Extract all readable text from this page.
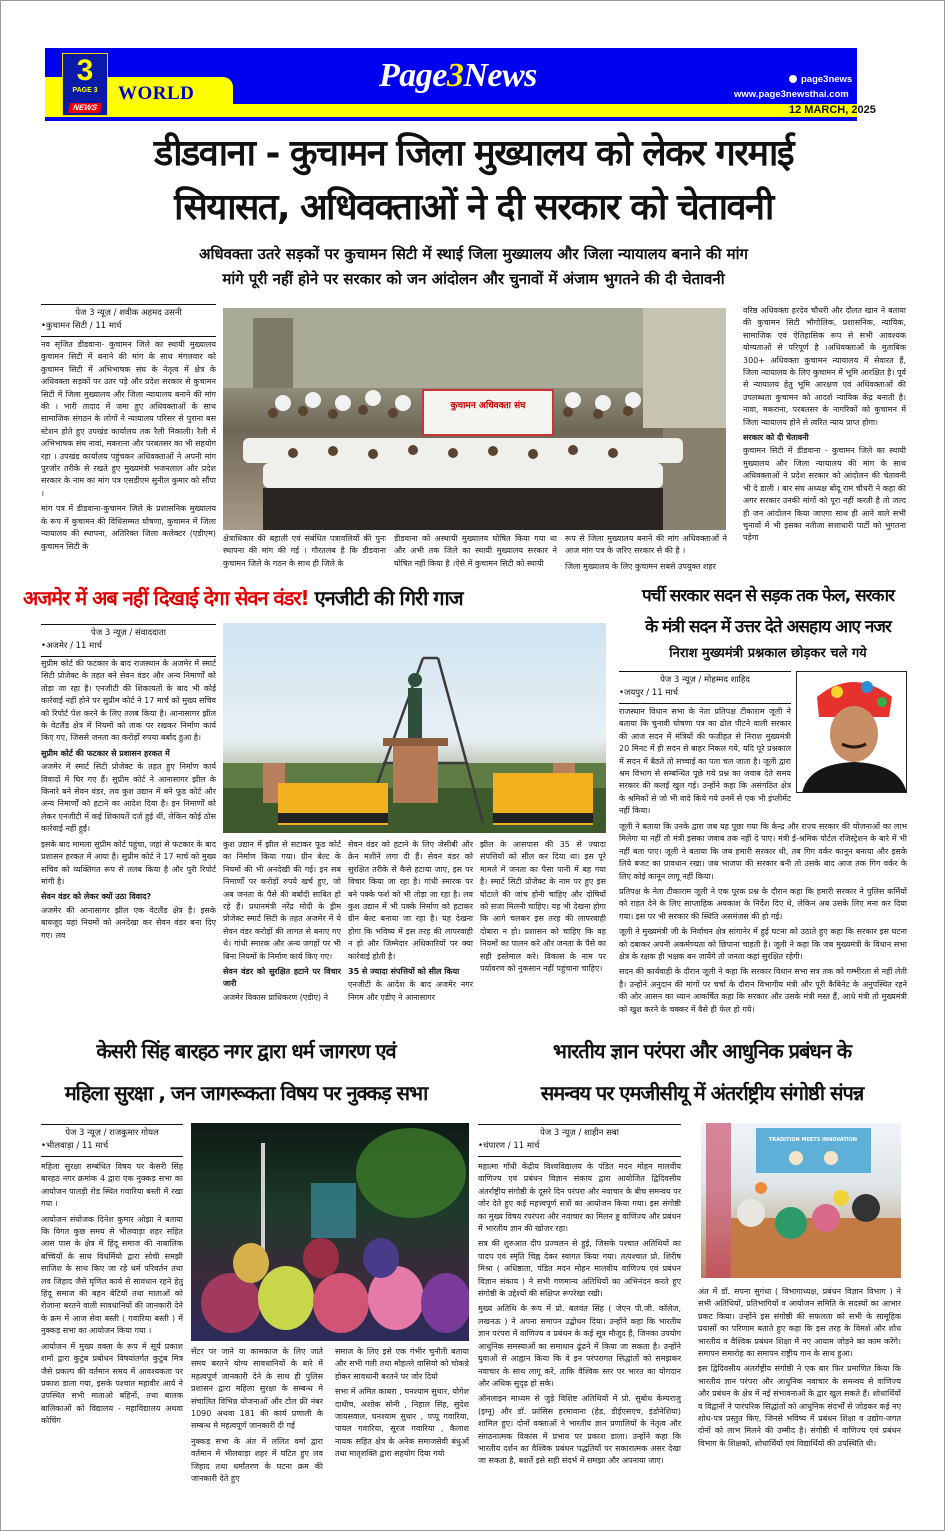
3
PAGE 3
NEWS
WORLD	Page3News	page3news
www.page3newsthai.com 7
12 MARCH, 2025
डीडवाना - कुचामन जिला मुख्यालय को लेकर गरमाई
सियासत, अधिवक्ताओं ने दी सरकार को चेतावनी
अधिवक्ता उतरे सड़कों पर कुचामन सिटी में स्थाई जिला मुख्यालय और जिला न्यायालय बनाने की मांग
मांगे पूरी नहीं होने पर सरकार को जन आंदोलन और चुनावों में अंजाम भुगतने की दी चेतावनी
पेज 3 न्यूज़ / शवीक अहमद उसनी
• कुचामन सिटी / 11 मार्च

नव सृजित डीडवाना- कुचामन जिले का स्थायी मुख्यालय कुचामन सिटी में बनाने की मांग के साथ मंगलवार को कुचामन सिटी में अभिभाषक संघ के नेतृत्व में क्षेत्र के अधिवक्ता सड़कों पर उतर पड़े और प्रदेश सरकार से कुचामन सिटी में जिला मुख्यालय और जिला न्यायालय बनाने की मांग की । भारी तादाद में जमा हुए अधिवक्ताओं के साथ सामाजिक संगठन के लोगों ने न्यायालय परिसर से पुराना बस स्टेशन होते हुए उपखंड कार्यालय तक रैली निकाली। रैली में अभिभाषक संघ नावां, मकराना और परबतसर का भी सहयोग रहा । उपखंड कार्यालय पहुंचकर अधिवक्ताओं ने अपनी मांग पुरजोर तरीके से रखते हुए मुख्यमंत्री भजनलाल और प्रदेश सरकार के नाम का मांग पत्र एसडीएम सुनील कुमार को सौंपा ।

मांग पत्र में डीडवाना-कुचामन जिले के प्रशासनिक मुख्यालय के रूप में कुचामन की विधिसम्मत घोषणा, कुचामन में जिला न्यायालय की स्थापना, अतिरिक्त जिला कलेक्टर (एडीएम) कुचामन सिटी के

कुचामन अधिवक्ता संघ

क्षेत्राधिकार की बहाली एवं संबंधित पत्रावलियों की पुनः स्थापना की मांग की गई । गौरतलब है कि डीडवाना कुचामन जिले के गठन के साथ ही जिले के

डीडवाना को अस्थायी मुख्यालय घोषित किया गया था और अभी तक जिले का स्थायी मुख्यालय सरकार ने घोषित नहीं किया है ।ऐसे में कुचामन सिटी को स्थायी

रूप से जिला मुख्यालय बनाने की मांग अधिवक्ताओं ने आज मांग पत्र के जरिए सरकार से की है ।

जिला मुख्यालय के लिए कुचामन सबसे उपयुक्त शहर

वरिष्ठ अधिवक्ता हरदेव चौधरी और दौलत खान ने बताया की कुचामन सिटी भौगोलिक, प्रशासनिक, न्यायिक, सामाजिक एवं ऐतिहासिक रूप से सभी आवश्यक योग्यताओं से परिपूर्ण है ।अधिवक्ताओं के मुताबिक 300+ अधिवक्ता कुचामन न्यायालय में सेवारत हैं, जिला न्यायालय के लिए कुचामन में भूमि आरक्षित है। पूर्व से न्यायालय हेतु भूमि आरक्षण एवं अधिवक्ताओं की उपलब्धता कुचामन को आदर्श न्यायिक केंद्र बनाती है। नावा, मकराना, परबतसर के नागरिकों को कुचामन में जिला न्यायालय होने से त्वरित न्याय प्राप्त होगा।

सरकार को दी चेतावनी

कुचामन सिटी में डीडवाना - कुचामन जिले का स्थायी मुख्यालय और जिला न्यायालय की मांग के साथ अधिवक्ताओं ने प्रदेश सरकार को आंदोलन की चेतावनी भी दे डाली । बार संघ अध्यक्ष बोदू राम चौधरी ने कहा की अगर सरकार उनकी मांगों को पूरा नहीं करती है तो जल्द ही जन आंदोलन किया जाएगा साथ ही आने वाले सभी चुनावों में भी इसका नतीजा सत्ताधारी पार्टी को भुगतना पड़ेगा

अजमेर में अब नहीं दिखाई देगा सेवन वंडर! एनजीटी की गिरी गाज
पेज 3 न्यूज़ / संवाददाता
• अजमेर / 11 मार्च

सुप्रीम कोर्ट की फटकार के बाद राजस्थान के अजमेर में स्मार्ट सिटी प्रोजेक्ट के तहत बने सेवन वंडर और अन्य निमार्णों को तोड़ा जा रहा है। एनजीटी की शिकायतों के बाद भी कोई कार्रवाई नहीं होने पर सुप्रीम कोर्ट ने 17 मार्च को मुख्य सचिव को रिपोर्ट पेश करने के लिए तलब किया है। आनासागर झील के वेटलैंड क्षेत्र में नियमों को ताक पर रखकर निर्माण कार्य किए गए, जिससे जनता का करोड़ों रुपया बर्बाद हुआ है।

सुप्रीम कोर्ट की फटकार से प्रशासन हरकत में

अजमेर में स्मार्ट सिटी प्रोजेक्ट के तहत हुए निर्माण कार्य विवादों में घिर गए हैं। सुप्रीम कोर्ट ने आनासागर झील के किनारे बने सेवन वंडर, लव कुश उद्यान में बने फूड कोर्ट और अन्य निमार्णों को हटाने का आदेश दिया है। इन निमार्णों को लेकर एनजीटी में कई शिकायतें दर्ज हुई थीं, लेकिन कोई ठोस कार्रवाई नहीं हुई।

इसके बाद मामला सुप्रीम कोर्ट पहुंचा, जहां से फटकार के बाद प्रशासन हरकत में आया है। सुप्रीम कोर्ट ने 17 मार्च को मुख्य सचिव को व्यक्तिगत रूप से तलब किया है और पूरी रिपोर्ट मांगी है।

सेवन वंडर को लेकर क्यों उठा विवाद?

अजमेर की आनासागर झील एक वेटलैंड क्षेत्र है। इसके बावजूद यहां नियमों को अनदेखा कर सेवन वंडर बना दिए गए। लव

कुश उद्यान में झील से सटाकर फूड कोर्ट का निर्माण किया गया। ग्रीन बेल्ट के नियमों की भी अनदेखी की गई। इन सब निमार्णों पर करोड़ों रुपये खर्च हुए, जो अब जनता के पैसे की बर्बादी साबित हो रहे हैं। प्रधानमंत्री नरेंद्र मोदी के ड्रीम प्रोजेक्ट स्मार्ट सिटी के तहत अजमेर में ये सेवन वंडर करोड़ों की लागत से बनाए गए थे। गांधी स्मारक और अन्य जगहों पर भी बिना नियमों के निर्माण कार्य किए गए।

सेवन वंडर को सुरक्षित हटाने पर विचार जारी

अजमेर विकास प्राधिकरण (एडीए) ने

सेवन वंडर को हटाने के लिए जेसीबी और क्रेन मशीनें लगा दी हैं। सेवन वंडर को सुरक्षित तरीके से कैसे हटाया जाए, इस पर विचार किया जा रहा है। गांधी स्मारक पर बने पक्के फर्श को भी तोड़ा जा रहा है। लव कुश उद्यान में भी पक्के निर्माण को हटाकर ग्रीन बेल्ट बनाया जा रहा है। यह देखना होगा कि भविष्य में इस तरह की लापरवाही न हो और जिम्मेदार अधिकारियों पर क्या कार्रवाई होती है।

35 से ज्यादा संपत्तियों को सील किया

एनजीटी के आदेश के बाद अजमेर नगर निगम और एडीए ने आनासागर

झील के आसपास की 35 से ज्यादा संपत्तियों को सील कर दिया था। इस पूरे मामले में जनता का पैसा पानी में बह गया है। स्मार्ट सिटी प्रोजेक्ट के नाम पर हुए इस घोटाले की जांच होनी चाहिए और दोषियों को सजा मिलनी चाहिए। यह भी देखना होगा कि आगे चलकर इस तरह की लापरवाही दोबारा न हो। प्रशासन को चाहिए कि वह नियमों का पालन करे और जनता के पैसे का सही इस्तेमाल करे। विकास के नाम पर पर्यावरण को नुकसान नहीं पहुंचाना चाहिए।

पर्ची सरकार सदन से सड़क तक फेल, सरकार
के मंत्री सदन में उत्तर देते असहाय आए नजर
निराश मुख्यमंत्री प्रश्नकाल छोड़कर चले गये
पेज 3 न्यूज़ / मोहम्मद शाहिद
• जयपुर / 11 मार्च

राजस्थान विधान सभा के नेता प्रतिपक्ष टीकाराम जूली ने बताया कि चुनावी घोषणा पत्र का ढोल पीटने वाली सरकार की आज सदन में मंत्रियों की फजीहत से निराश मुख्यमंत्री 20 मिनट में ही सदन से बाहर निकल गये, यदि पूरे प्रश्नकाल में सदन में बैठते तो सच्चाई का पता चल जाता है। जूली द्वारा श्रम विभाग से सम्बन्धित पूछे गये प्रश्न का जवाब देते समय सरकार की कलई खुल गई। उन्होंने कहा कि असंगठित क्षेत्र के श्रमिकों से जो भी वादे किये गये उनमें से एक भी इंप्लीमेंट नहीं किया।

जूली ने बताया कि उनके द्वारा जब यह पूछा गया कि केन्द्र और राज्य सरकार की योजनाओं का लाभ मिलेगा या नहीं तो मंत्री इसका जवाब तक नहीं दे पाए। मंत्री ई-श्रमिक पोर्टल रजिस्ट्रेशन के बारे में भी नहीं बता पाए। जूली ने बताया कि जब हमारी सरकार थी, तब गिग वर्कर कानून बनाया और इसके लिये बजट का प्रावधान रखा। जब भाजपा की सरकार बनी तो उसके बाद आज तक गिग वर्कर के लिए कोई कानून लागू नहीं किया।

प्रतिपक्ष के नेता टीकाराम जूली ने एक पूरक प्रश्न के दौरान कहा कि हमारी सरकार ने पुलिस कर्मियों को राहत देने के लिए साप्ताहिक अवकाश के निर्देश दिए थे, लेकिन अब उसके लिए मना कर दिया गया। इस पर भी सरकार की स्थिति असमंजस की हो गई।

जूली ने मुख्यमंत्री जी के निर्वाचन क्षेत्र सांगानेर में हुई घटना को उठाते हुए कहा कि सरकार इस घटना को दबाकर अपनी अकर्मण्यता को छिपाना चाहती है। जूली ने कहा कि जब मुख्यमंत्री के विधान सभा क्षेत्र के रक्षक ही भक्षक बन जायेंगे तो जनता कहां सुरक्षित रहेगी।

सदन की कार्यवाही के दौरान जूली ने कहा कि सरकार विधान सभा सत्र तक को गम्भीरता से नहीं लेती है। उन्होंने अनुदान की मांगों पर चर्चा के दौरान विभागीय मंत्री और पूरी कैबिनेट के अनुपस्थित रहने की ओर आसन का ध्यान आकर्षित कहा कि सरकार और उसके मंत्री मस्त हैं, आधे मंत्री तो मुख्यमंत्री को खुश करने के चक्कर में वैसे ही फेल हो गये।

केसरी सिंह बारहठ नगर द्वारा धर्म जागरण एवं
महिला सुरक्षा , जन जागरूकता विषय पर नुक्कड़ सभा
पेज 3 न्यूज़ / राजकुमार गोयल
• भीलवाड़ा / 11 मार्च

महिला सुरक्षा सम्बंधित विषय पर केसरी सिंह बारहठ नगर क्रमांक 4 द्वारा एक नुक्कड़ सभा का आयोजन पालड़ी रोड स्थित गवारिया बस्ती में रखा गया ।

आयोजन संयोजक दिनेश कुमार ओझा ने बताया कि विगत कुछ समय से भीलवाड़ा शहर सहित आस पास के क्षेत्र में हिंदू समाज की नाबालिक बच्चियों के साथ विधर्मियो द्वारा सोची समझी साजिश के साथ किए जा रहे धर्म परिवर्तन तथा लव जिहाद जैसे घृणित कार्य से सावधान रहने हेतु हिंदू समाज की बहन बेटियों तथा माताओं को रोजाना बरतने वाली सावधानियों की जानकारी देने के क्रम में आज सेवा बस्ती ( गवारिया बस्ती ) में नुक्कड़ सभा का आयोजन किया गया ।

आयोजन में मुख्य वक्ता के रूप मे सूर्य प्रकाश शर्मा द्वारा कुटुंब प्रबोधन विषयांतर्गत कुटुंब मित्र जैसे प्रकल्प की वर्तमान समय में आवश्यकता पर प्रकाश डाला गया, इसके पश्चात महावीर आर्य ने उपस्थित सभी माताओ बहिनों, तथा बालक बालिकाओं को विद्यालय - महाविद्यालय अथवा कोचिंग

सेंटर पर जाने या कामकाज के लिए जाते समय बरतने योग्य सावधानियों के बारे में महत्वपूर्ण जानकारी देने के साथ ही पुलिस प्रशासन द्वारा महिला सुरक्षा के सम्बन्ध मे संचालित विभिन्न योजनाओं और टोल फ्री नंबर 1090 अथवा 181 की कार्य प्रणाली के सम्बन्ध मे महत्वपूर्ण जानकारी दी गई

नुक्कड़ सभा के अंत में ललित वर्मा द्वारा वर्तमान में भीलवाड़ा शहर में घटित हुए लव जिहाद तथा धर्मांतरण के घटना क्रम की जानकारी देते हुए

समाज के लिए इसे एक गंभीर चुनौती बताया और सभी गली तथा मोहल्ले वासियो को चोकन्ने होकर सावधानी बरतने पर जोर दियो

सभा में अमित काबरा , घनश्याम सुथार, योगेश दाधीच, अशोक सोनी , निहाल सिंह, सुदेश जायसवाल, घनश्याम सुथार , पप्पू गवारिया, पायल गवारिया, सूरज गवारिया , कैलाश नायक सहित क्षेत्र के अनेक समाजसेवी बंधुओं तथा मातृशक्ति द्वारा सहयोग दिया गयो

भारतीय ज्ञान परंपरा और आधुनिक प्रबंधन के
समन्वय पर एमजीसीयू में अंतर्राष्ट्रीय संगोष्ठी संपन्न
पेज 3 न्यूज़ / शाहीन सबा
• चंपारण / 11 मार्च

महात्मा गाँधी केंद्रीय विश्वविद्यालय के पंडित मदन मोहन मालवीय वाणिज्य एवं प्रबंधन विज्ञान संकाय द्वारा आयोजित द्विदिवसीय अंतर्राष्ट्रीय संगोष्ठी के दूसरे दिन परंपरा और नवाचार के बीच समन्वय पर जोर देते हुए कई महत्त्वपूर्ण सत्रों का आयोजन किया गया। इस संगोष्ठी का मुख्य विषय रपरंपरा और नवाचार का मिलन ड्ड वाणिज्य और प्रबंधन में भारतीय ज्ञान की खोजर रहा।

सत्र की शुरुआत दीप प्रज्वलन से हुई, जिसके पश्चात अतिथियों का पादप एवं स्मृति चिह्न देकर स्वागत किया गया। तत्पश्चात प्रो. शिरीष मिश्रा ( अधिष्ठाता, पंडित मदन मोहन मालवीय वाणिज्य एवं प्रबंधन विज्ञान संकाय ) ने सभी गणमान्य अतिथियों का अभिनंदन करते हुए संगोष्ठी के उद्देश्यों की संक्षिप्त रूपरेखा रखी।

मुख्य अतिथि के रूप में प्रो. बलवंत सिंह ( जेएन पी.जी. कॉलेज, लखनऊ ) ने अपना समापन उद्बोधन दिया। उन्होंने कहा कि भारतीय ज्ञान परंपरा में वाणिज्य व प्रबंधन के कई सूत्र मौजूद हैं, जिनका उपयोग आधुनिक समस्याओं का समाधान ढूंढने में किया जा सकता है। उन्होंने युवाओं से आह्वान किया कि वे इन परंपरागत सिद्धांतों को समझकर नवाचार के साथ लागू करें, ताकि वैश्विक स्तर पर भारत का योगदान और अधिक सुदृढ़ हो सके।

ऑनलाइन माध्यम से जुड़े विशिष्ट अतिथियों में प्रो. सुबोध केम्पराजु (इग्नू) और डॉ. फ्रांसिस हरमावाना (हेड, डीईएसएच, इंडोनेशिया) शामिल हुए। दोनों वक्ताओं ने भारतीय ज्ञान प्रणालियों के नेतृत्व और संगठनात्मक विकास में प्रभाव पर प्रकाश डाला। उन्होंने कहा कि भारतीय दर्शन का वैश्विक प्रबंधन पद्धतियों पर सकारात्मक असर देखा जा सकता है, बशर्ते इसे सही संदर्भ में समझा और अपनाया जाए।

TRADITION MEETS INNOVATION

अंत में डॉ. सपना सुगंधा ( विभागाध्यक्ष, प्रबंधन विज्ञान विभाग ) ने सभी अतिथियों, प्रतिभागियों व आयोजन समिति के सदस्यों का आभार प्रकट किया। उन्होंने इस संगोष्ठी की सफलता को सभी के सामूहिक प्रयासों का परिणाम बताते हुए कहा कि इस तरह के विमर्श और शोध भारतीय व वैश्विक प्रबंधन शिक्षा में नए आयाम जोड़ने का काम करेंगे। समापन समारोह का समापन राष्ट्रीय गान के साथ हुआ।

इस द्विदिवसीय अंतर्राष्ट्रीय संगोष्ठी ने एक बार फिर प्रमाणित किया कि भारतीय ज्ञान परंपरा और आधुनिक नवाचार के समन्वय से वाणिज्य और प्रबंधन के क्षेत्र में नई संभावनाओं के द्वार खुल सकते हैं। शोधार्थियों व विद्वानों ने पारंपरिक सिद्धांतों को आधुनिक संदर्भों से जोड़कर कई नए शोध-पत्र प्रस्तुत किए, जिनसे भविष्य में प्रबंधन शिक्षा व उद्योग-जगत दोनों को लाभ मिलने की उम्मीद है। संगोष्ठी में वाणिज्य एवं प्रबंधन विभाग के शिक्षकों, शोधार्थियों एवं विद्यार्थियों की उपस्थिति थी।
